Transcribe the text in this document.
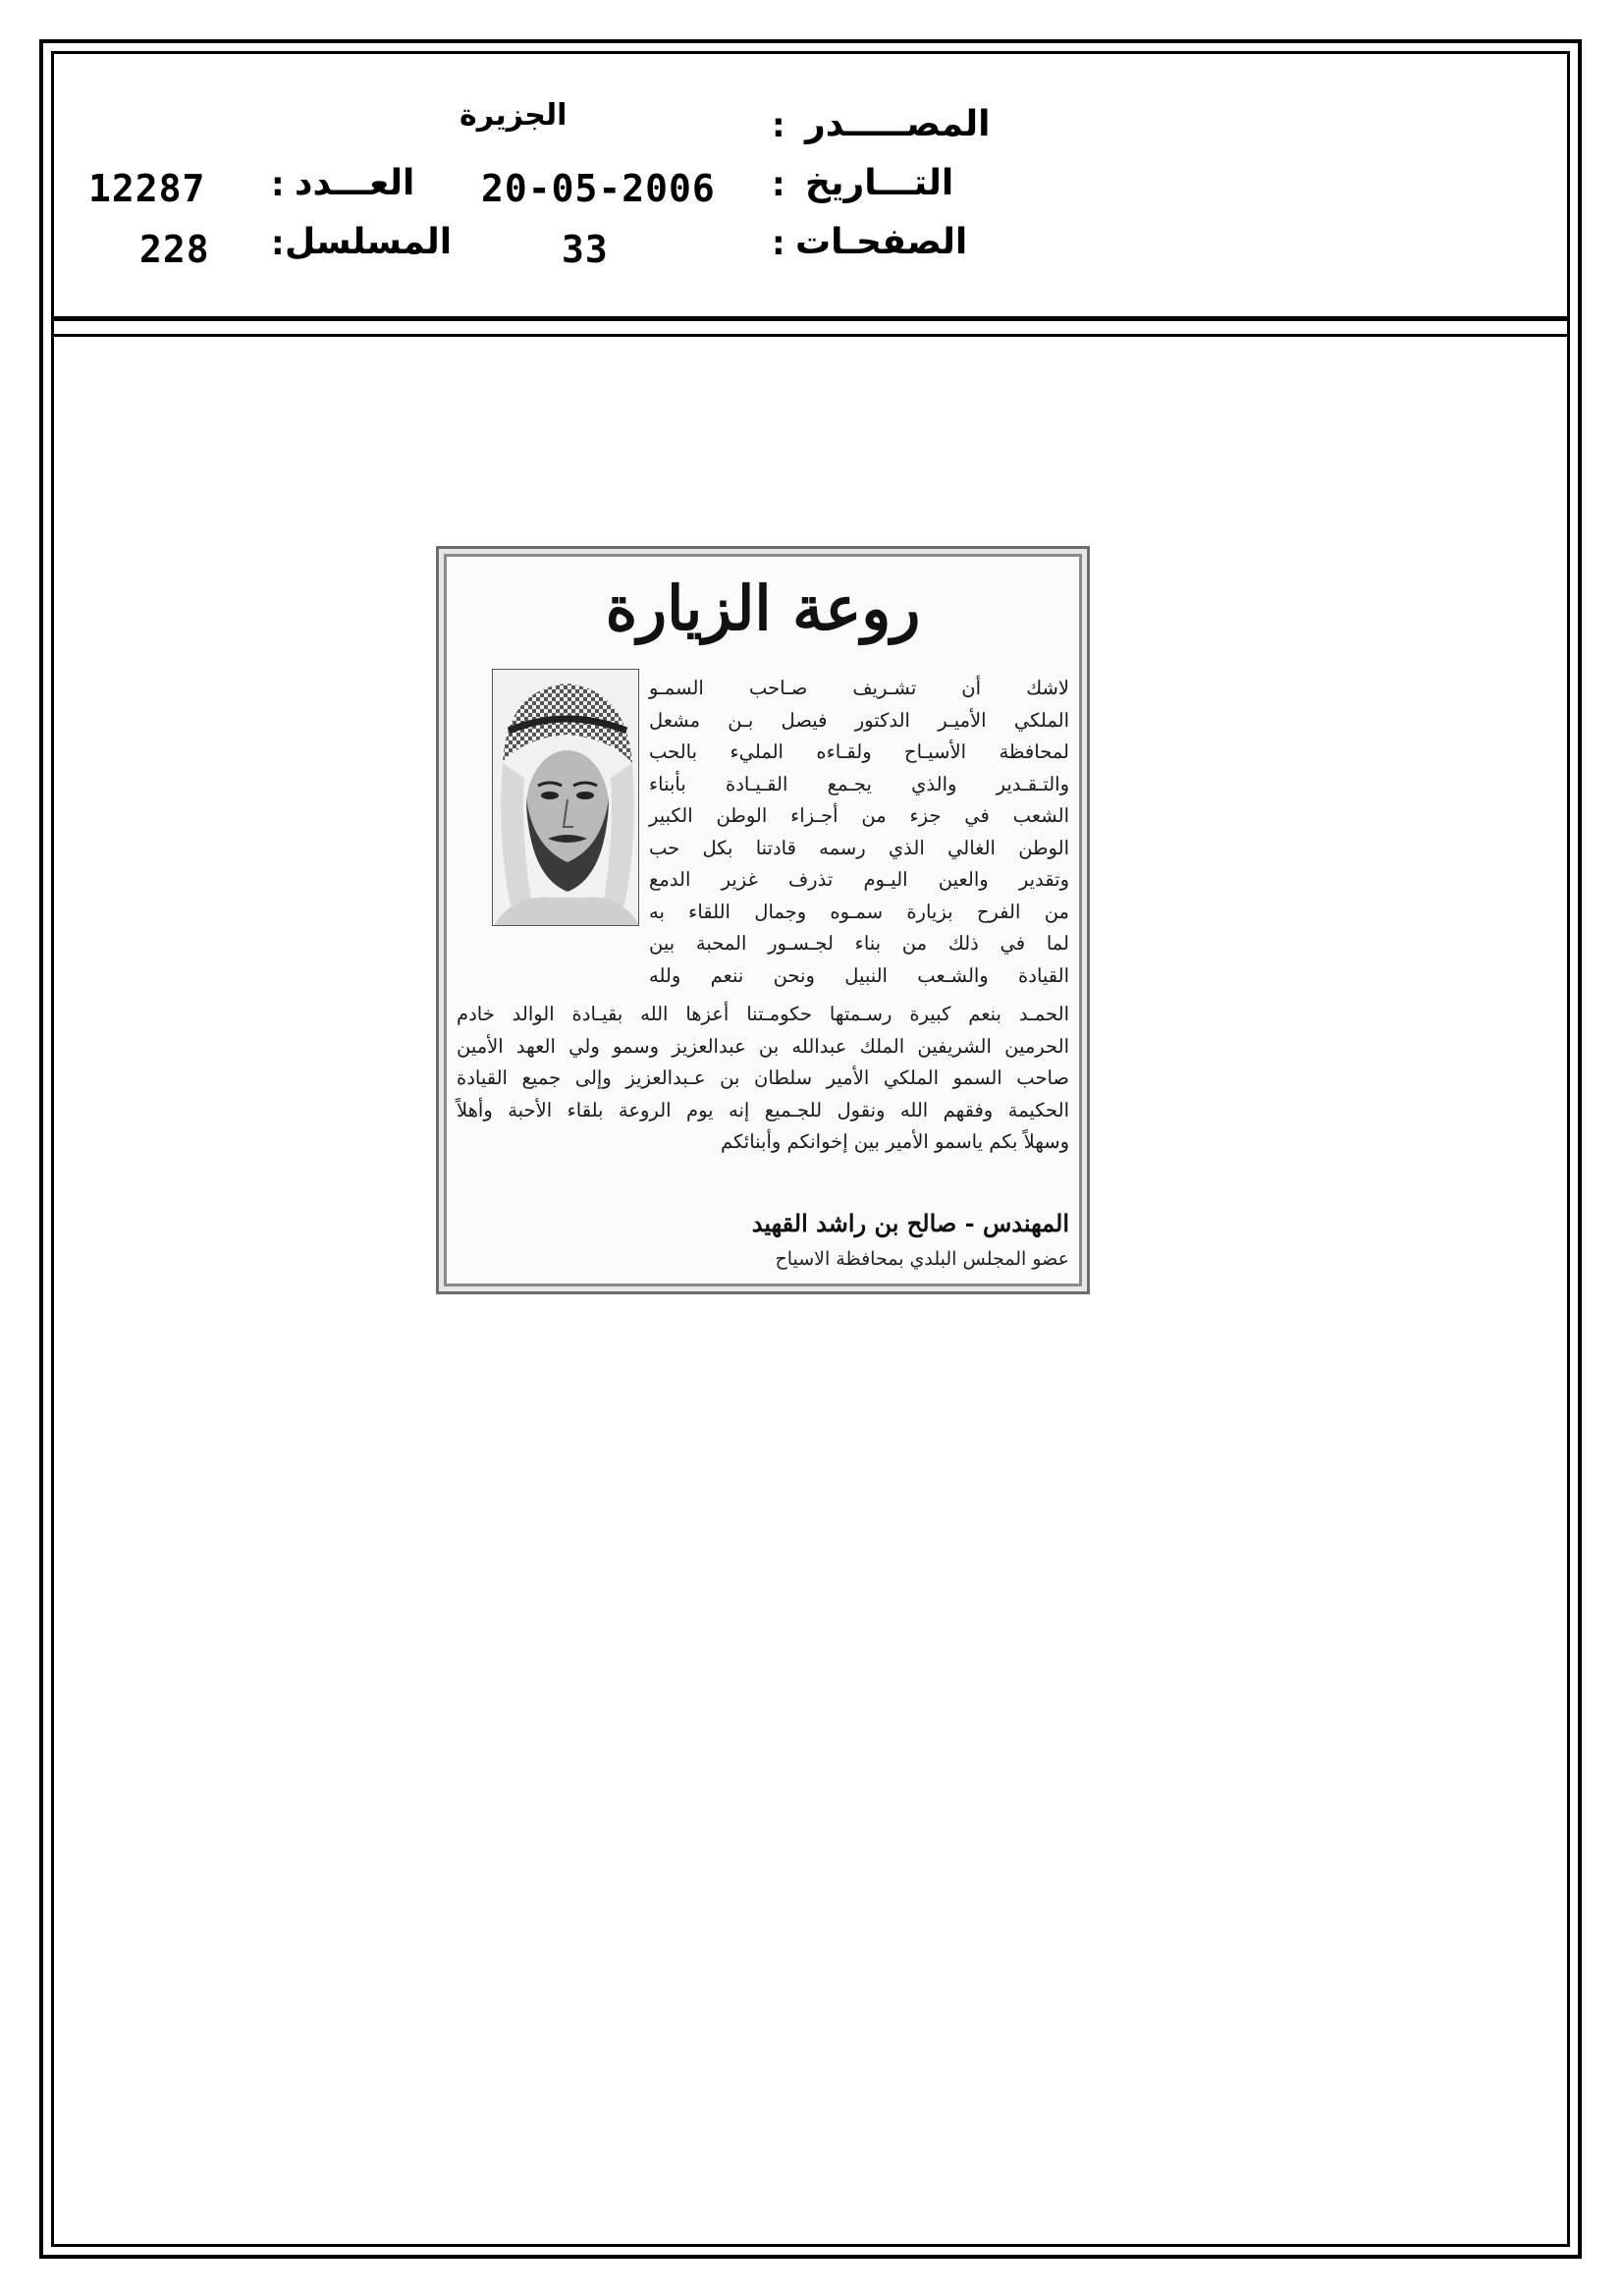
المصـــــدر
:
الجزيرة
التـــاريخ
:
20-05-2006
العـــدد
:
12287
الصفحـات
:
33
المسلسل
:
228
روعة الزيارة
لاشك أن تشـريف صـاحب السمـو
الملكي الأميـر الدكتور فيصل بـن مشعل
لمحافظة الأسيـاح ولقـاءه المليء بالحب
والتـقـدير والذي يجـمع القـيـادة بأبناء
الشعب في جزء من أجـزاء الوطن الكبير
الوطن الغالي الذي رسمه قادتنا بكل حب
وتقدير والعين اليـوم تذرف غزير الدمع
من الفرح بزيارة سمـوه وجمال اللقاء به
لما في ذلك من بناء لجـسـور المحبة بين
القيادة والشـعب النبيل ونحن ننعم ولله
الحمـد بنعم كبيرة رسـمتها حكومـتنا أعزها الله بقيـادة الوالد خادم
الحرمين الشريفين الملك عبدالله بن عبدالعزيز وسمو ولي العهد الأمين
صاحب السمو الملكي الأمير سلطان بن عـبدالعزيز وإلى جميع القيادة
الحكيمة وفقهم الله ونقول للجـميع إنه يوم الروعة بلقاء الأحبة وأهلاً
وسهلاً بكم ياسمو الأمير بين إخوانكم وأبنائكم
المهندس - صالح بن راشد القهيد
عضو المجلس البلدي بمحافظة الاسياح
